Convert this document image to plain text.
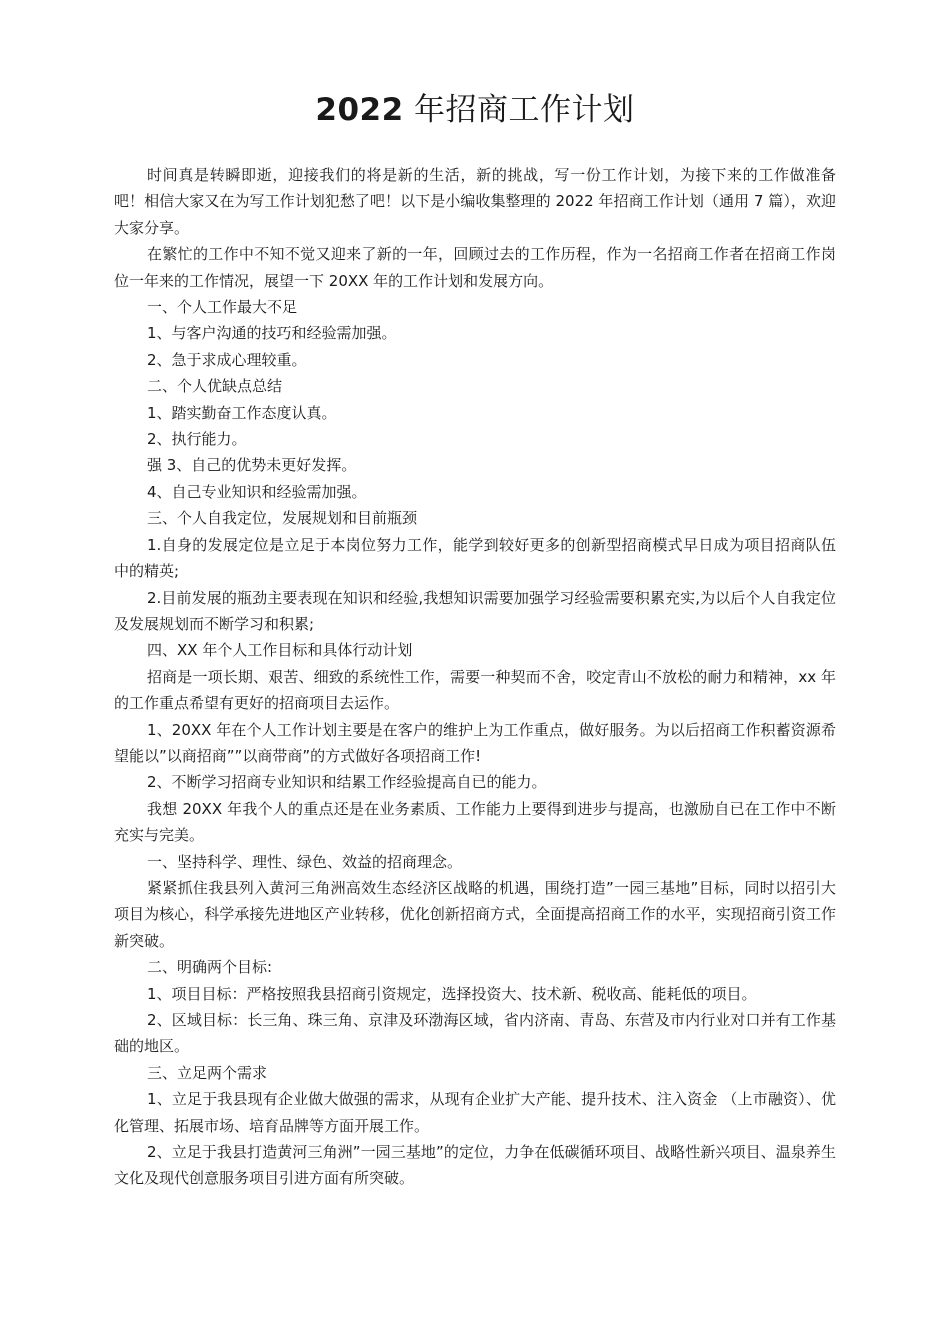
2022 年招商工作计划

时间真是转瞬即逝，迎接我们的将是新的生活，新的挑战，写一份工作计划，为接下来的工作做准备吧！相信大家又在为写工作计划犯愁了吧！以下是小编收集整理的 2022 年招商工作计划（通用 7 篇），欢迎大家分享。

在繁忙的工作中不知不觉又迎来了新的一年，回顾过去的工作历程，作为一名招商工作者在招商工作岗位一年来的工作情况，展望一下 20XX 年的工作计划和发展方向。

一、个人工作最大不足

1、与客户沟通的技巧和经验需加强。

2、急于求成心理较重。

二、个人优缺点总结

1、踏实勤奋工作态度认真。

2、执行能力。

强 3、自己的优势未更好发挥。

4、自己专业知识和经验需加强。

三、个人自我定位，发展规划和目前瓶颈

1.自身的发展定位是立足于本岗位努力工作，能学到较好更多的创新型招商模式早日成为项目招商队伍中的精英;

2.目前发展的瓶劲主要表现在知识和经验,我想知识需要加强学习经验需要积累充实,为以后个人自我定位及发展规划而不断学习和积累;

四、XX 年个人工作目标和具体行动计划

招商是一项长期、艰苦、细致的系统性工作，需要一种契而不舍，咬定青山不放松的耐力和精神，xx 年的工作重点希望有更好的招商项目去运作。

1、20XX 年在个人工作计划主要是在客户的维护上为工作重点，做好服务。为以后招商工作积蓄资源希望能以”以商招商””以商带商”的方式做好各项招商工作!

2、不断学习招商专业知识和结累工作经验提高自已的能力。

我想 20XX 年我个人的重点还是在业务素质、工作能力上要得到进步与提高，也激励自已在工作中不断充实与完美。

一、坚持科学、理性、绿色、效益的招商理念。

紧紧抓住我县列入黄河三角洲高效生态经济区战略的机遇，围绕打造”一园三基地”目标，同时以招引大项目为核心，科学承接先进地区产业转移，优化创新招商方式，全面提高招商工作的水平，实现招商引资工作新突破。

二、明确两个目标:

1、项目目标：严格按照我县招商引资规定，选择投资大、技术新、税收高、能耗低的项目。

2、区域目标：长三角、珠三角、京津及环渤海区域，省内济南、青岛、东营及市内行业对口并有工作基础的地区。

三、立足两个需求

1、立足于我县现有企业做大做强的需求，从现有企业扩大产能、提升技术、注入资金 （上市融资）、优化管理、拓展市场、培育品牌等方面开展工作。

2、立足于我县打造黄河三角洲”一园三基地”的定位，力争在低碳循环项目、战略性新兴项目、温泉养生文化及现代创意服务项目引进方面有所突破。
